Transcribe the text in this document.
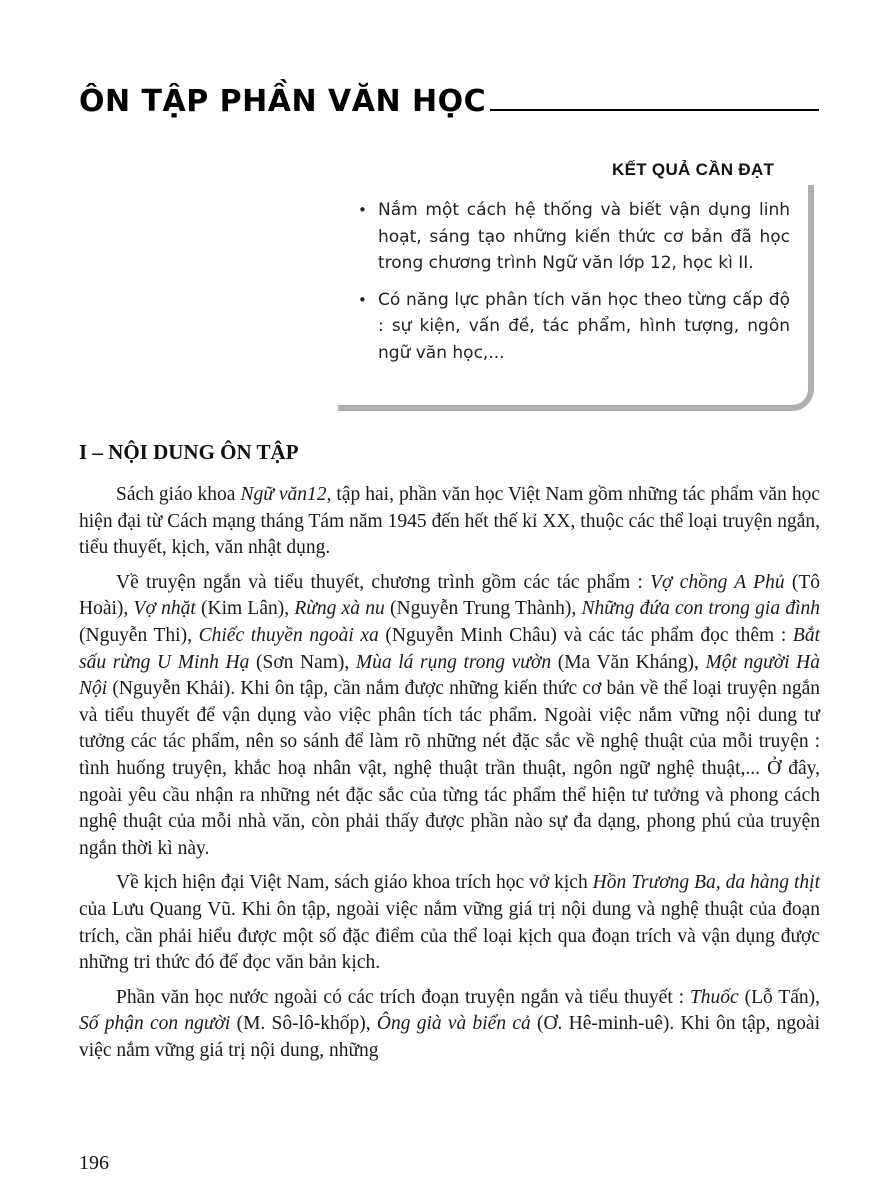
ÔN TẬP PHẦN VĂN HỌC
KẾT QUẢ CẦN ĐẠT
• Nắm một cách hệ thống và biết vận dụng linh hoạt, sáng tạo những kiến thức cơ bản đã học trong chương trình Ngữ văn lớp 12, học kì II.
• Có năng lực phân tích văn học theo từng cấp độ : sự kiện, vấn đề, tác phẩm, hình tượng, ngôn ngữ văn học,...
I – NỘI DUNG ÔN TẬP

Sách giáo khoa Ngữ văn12, tập hai, phần văn học Việt Nam gồm những tác phẩm văn học hiện đại từ Cách mạng tháng Tám năm 1945 đến hết thế kỉ XX, thuộc các thể loại truyện ngắn, tiểu thuyết, kịch, văn nhật dụng.

Về truyện ngắn và tiểu thuyết, chương trình gồm các tác phẩm : Vợ chồng A Phủ (Tô Hoài), Vợ nhặt (Kim Lân), Rừng xà nu (Nguyễn Trung Thành), Những đứa con trong gia đình (Nguyễn Thi), Chiếc thuyền ngoài xa (Nguyễn Minh Châu) và các tác phẩm đọc thêm : Bắt sấu rừng U Minh Hạ (Sơn Nam), Mùa lá rụng trong vườn (Ma Văn Kháng), Một người Hà Nội (Nguyễn Khải). Khi ôn tập, cần nắm được những kiến thức cơ bản về thể loại truyện ngắn và tiểu thuyết để vận dụng vào việc phân tích tác phẩm. Ngoài việc nắm vững nội dung tư tưởng các tác phẩm, nên so sánh để làm rõ những nét đặc sắc về nghệ thuật của mỗi truyện : tình huống truyện, khắc hoạ nhân vật, nghệ thuật trần thuật, ngôn ngữ nghệ thuật,... Ở đây, ngoài yêu cầu nhận ra những nét đặc sắc của từng tác phẩm thể hiện tư tưởng và phong cách nghệ thuật của mỗi nhà văn, còn phải thấy được phần nào sự đa dạng, phong phú của truyện ngắn thời kì này.

Về kịch hiện đại Việt Nam, sách giáo khoa trích học vở kịch Hồn Trương Ba, da hàng thịt của Lưu Quang Vũ. Khi ôn tập, ngoài việc nắm vững giá trị nội dung và nghệ thuật của đoạn trích, cần phải hiểu được một số đặc điểm của thể loại kịch qua đoạn trích và vận dụng được những tri thức đó để đọc văn bản kịch.

Phần văn học nước ngoài có các trích đoạn truyện ngắn và tiểu thuyết : Thuốc (Lỗ Tấn), Số phận con người (M. Sô-lô-khốp), Ông già và biển cả (Ơ. Hê-minh-uê). Khi ôn tập, ngoài việc nắm vững giá trị nội dung, những

196
